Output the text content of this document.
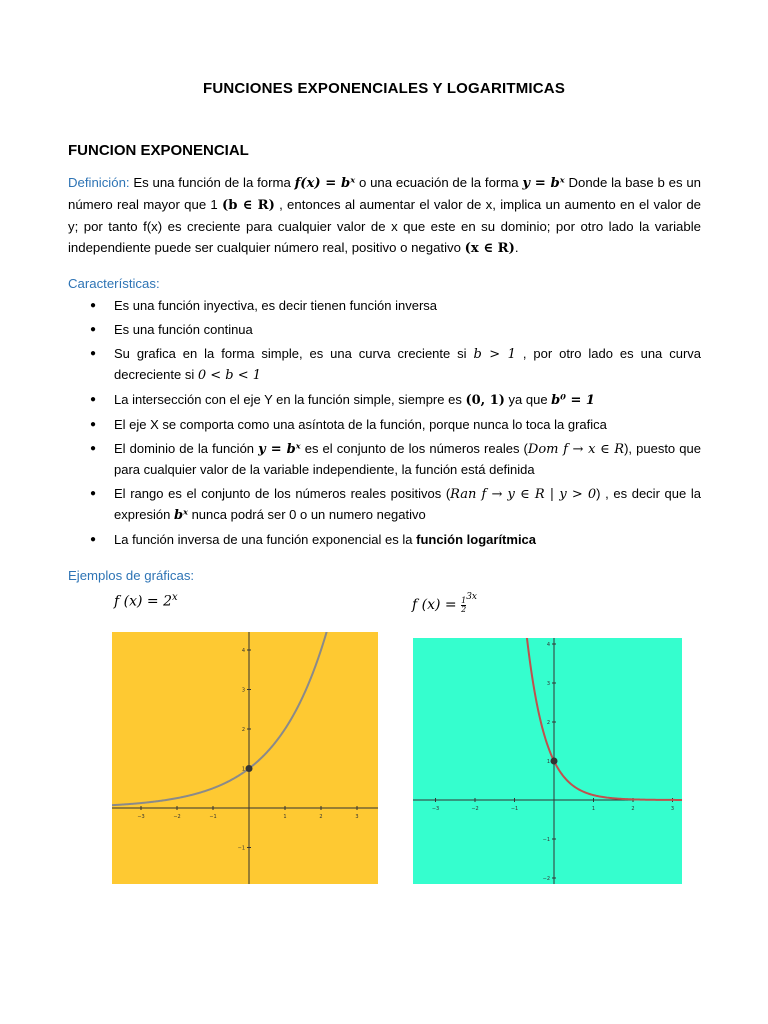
FUNCIONES EXPONENCIALES Y LOGARITMICAS
FUNCION EXPONENCIAL
Definición: Es una función de la forma f(x) = bˣ o una ecuación de la forma y = bˣ Donde la base b es un número real mayor que 1 (b ∈ R) , entonces al aumentar el valor de x, implica un aumento en el valor de y; por tanto f(x) es creciente para cualquier valor de x que este en su dominio; por otro lado la variable independiente puede ser cualquier número real, positivo o negativo (x ∈ R).
Características:
● Es una función inyectiva, es decir tienen función inversa
● Es una función continua
● Su grafica en la forma simple, es una curva creciente si b > 1 , por otro lado es una curva decreciente si 0 < b < 1
● La intersección con el eje Y en la función simple, siempre es (0, 1) ya que b⁰ = 1
● El eje X se comporta como una asíntota de la función, porque nunca lo toca la grafica
● El dominio de la función y = bˣ es el conjunto de los números reales (Dom f → x ∈ R), puesto que para cualquier valor de la variable independiente, la función está definida
● El rango es el conjunto de los números reales positivos (Ran f → y ∈ R | y > 0) , es decir que la expresión bˣ nunca podrá ser 0 o un numero negativo
● La función inversa de una función exponencial es la función logarítmica
Ejemplos de gráficas:
f $(x) = 2^x$	f $(x) = \frac{1}{2} ^{3x}$
−3	−2	−1	1	2	3
4
3
2
1
−1
−3	−2	−1	1	2	3
4
3
2
1
−1
−2
